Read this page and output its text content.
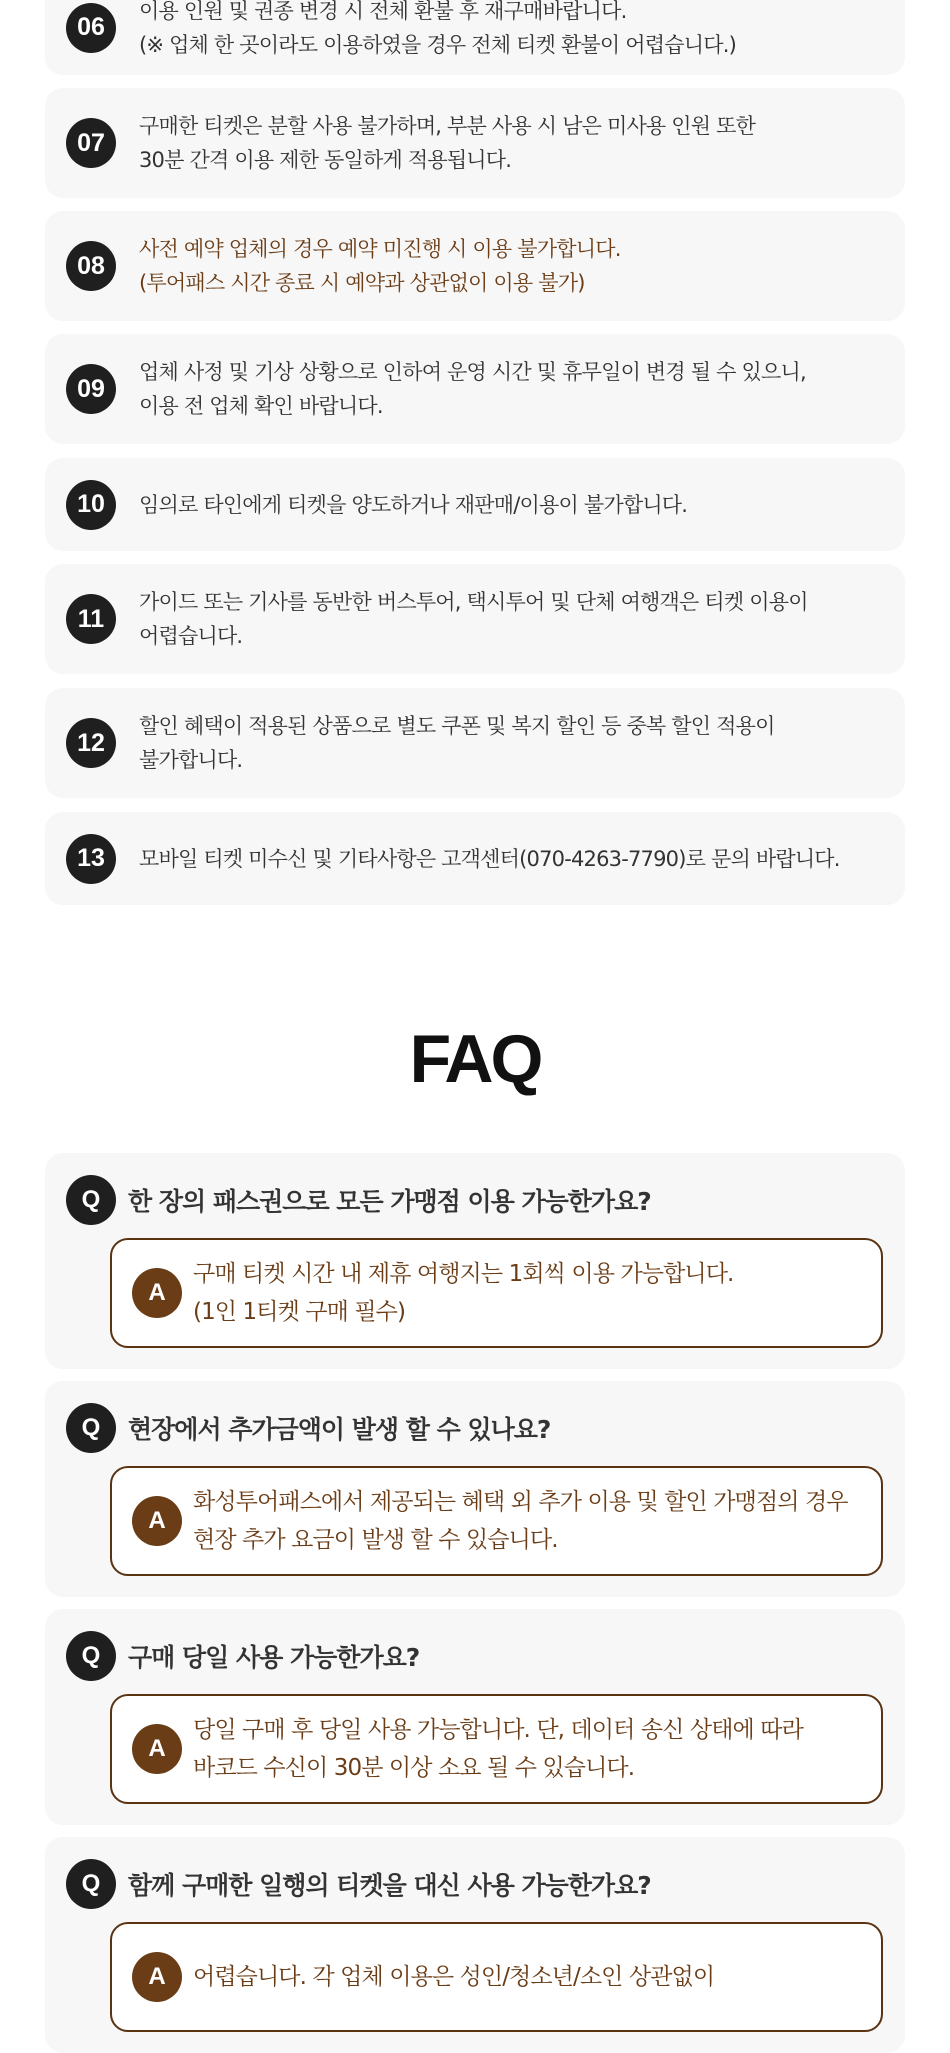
06
이용 인원 및 권종 변경 시 전체 환불 후 재구매바랍니다.
(※ 업체 한 곳이라도 이용하였을 경우 전체 티켓 환불이 어렵습니다.)
07
구매한 티켓은 분할 사용 불가하며, 부분 사용 시 남은 미사용 인원 또한
30분 간격 이용 제한 동일하게 적용됩니다.
08
사전 예약 업체의 경우 예약 미진행 시 이용 불가합니다.
(투어패스 시간 종료 시 예약과 상관없이 이용 불가)
09
업체 사정 및 기상 상황으로 인하여 운영 시간 및 휴무일이 변경 될 수 있으니,
이용 전 업체 확인 바랍니다.
10	임의로 타인에게 티켓을 양도하거나 재판매/이용이 불가합니다.
11
가이드 또는 기사를 동반한 버스투어, 택시투어 및 단체 여행객은 티켓 이용이
어렵습니다.
12
할인 혜택이 적용된 상품으로 별도 쿠폰 및 복지 할인 등 중복 할인 적용이
불가합니다.
13	모바일 티켓 미수신 및 기타사항은 고객센터(070-4263-7790)로 문의 바랍니다.
FAQ
Q	한 장의 패스권으로 모든 가맹점 이용 가능한가요?
A
구매 티켓 시간 내 제휴 여행지는 1회씩 이용 가능합니다.
(1인 1티켓 구매 필수)
Q	현장에서 추가금액이 발생 할 수 있나요?
A
화성투어패스에서 제공되는 혜택 외 추가 이용 및 할인 가맹점의 경우
현장 추가 요금이 발생 할 수 있습니다.
Q	구매 당일 사용 가능한가요?
A
당일 구매 후 당일 사용 가능합니다. 단, 데이터 송신 상태에 따라
바코드 수신이 30분 이상 소요 될 수 있습니다.
Q	함께 구매한 일행의 티켓을 대신 사용 가능한가요?
A	어렵습니다. 각 업체 이용은 성인/청소년/소인 상관없이
